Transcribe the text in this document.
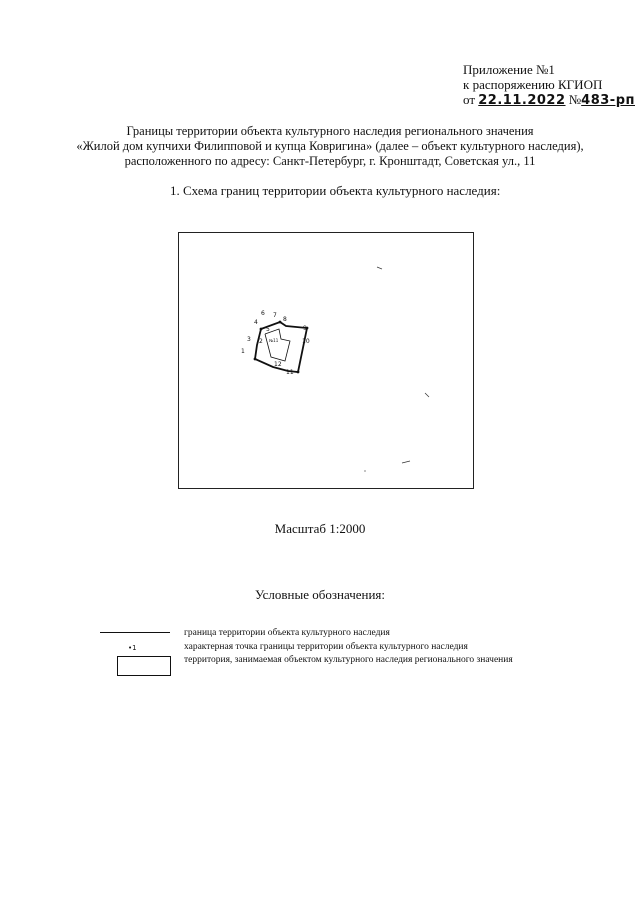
Приложение №1
к распоряжению КГИОП
от 22.11.2022 №483-рп
Границы территории объекта культурного наследия регионального значения
«Жилой дом купчихи Филипповой и купца Ковригина» (далее – объект культурного наследия),
расположенного по адресу: Санкт-Петербург, г. Кронштадт, Советская ул., 11
1. Схема границ территории объекта культурного наследия:
1
2
3
4
5
6 7
8
9
10
11
12
№11
Масштаб 1:2000
Условные обозначения:
•1
граница территории объекта культурного наследия
характерная точка границы территории объекта культурного наследия
территория, занимаемая объектом культурного наследия регионального значения
